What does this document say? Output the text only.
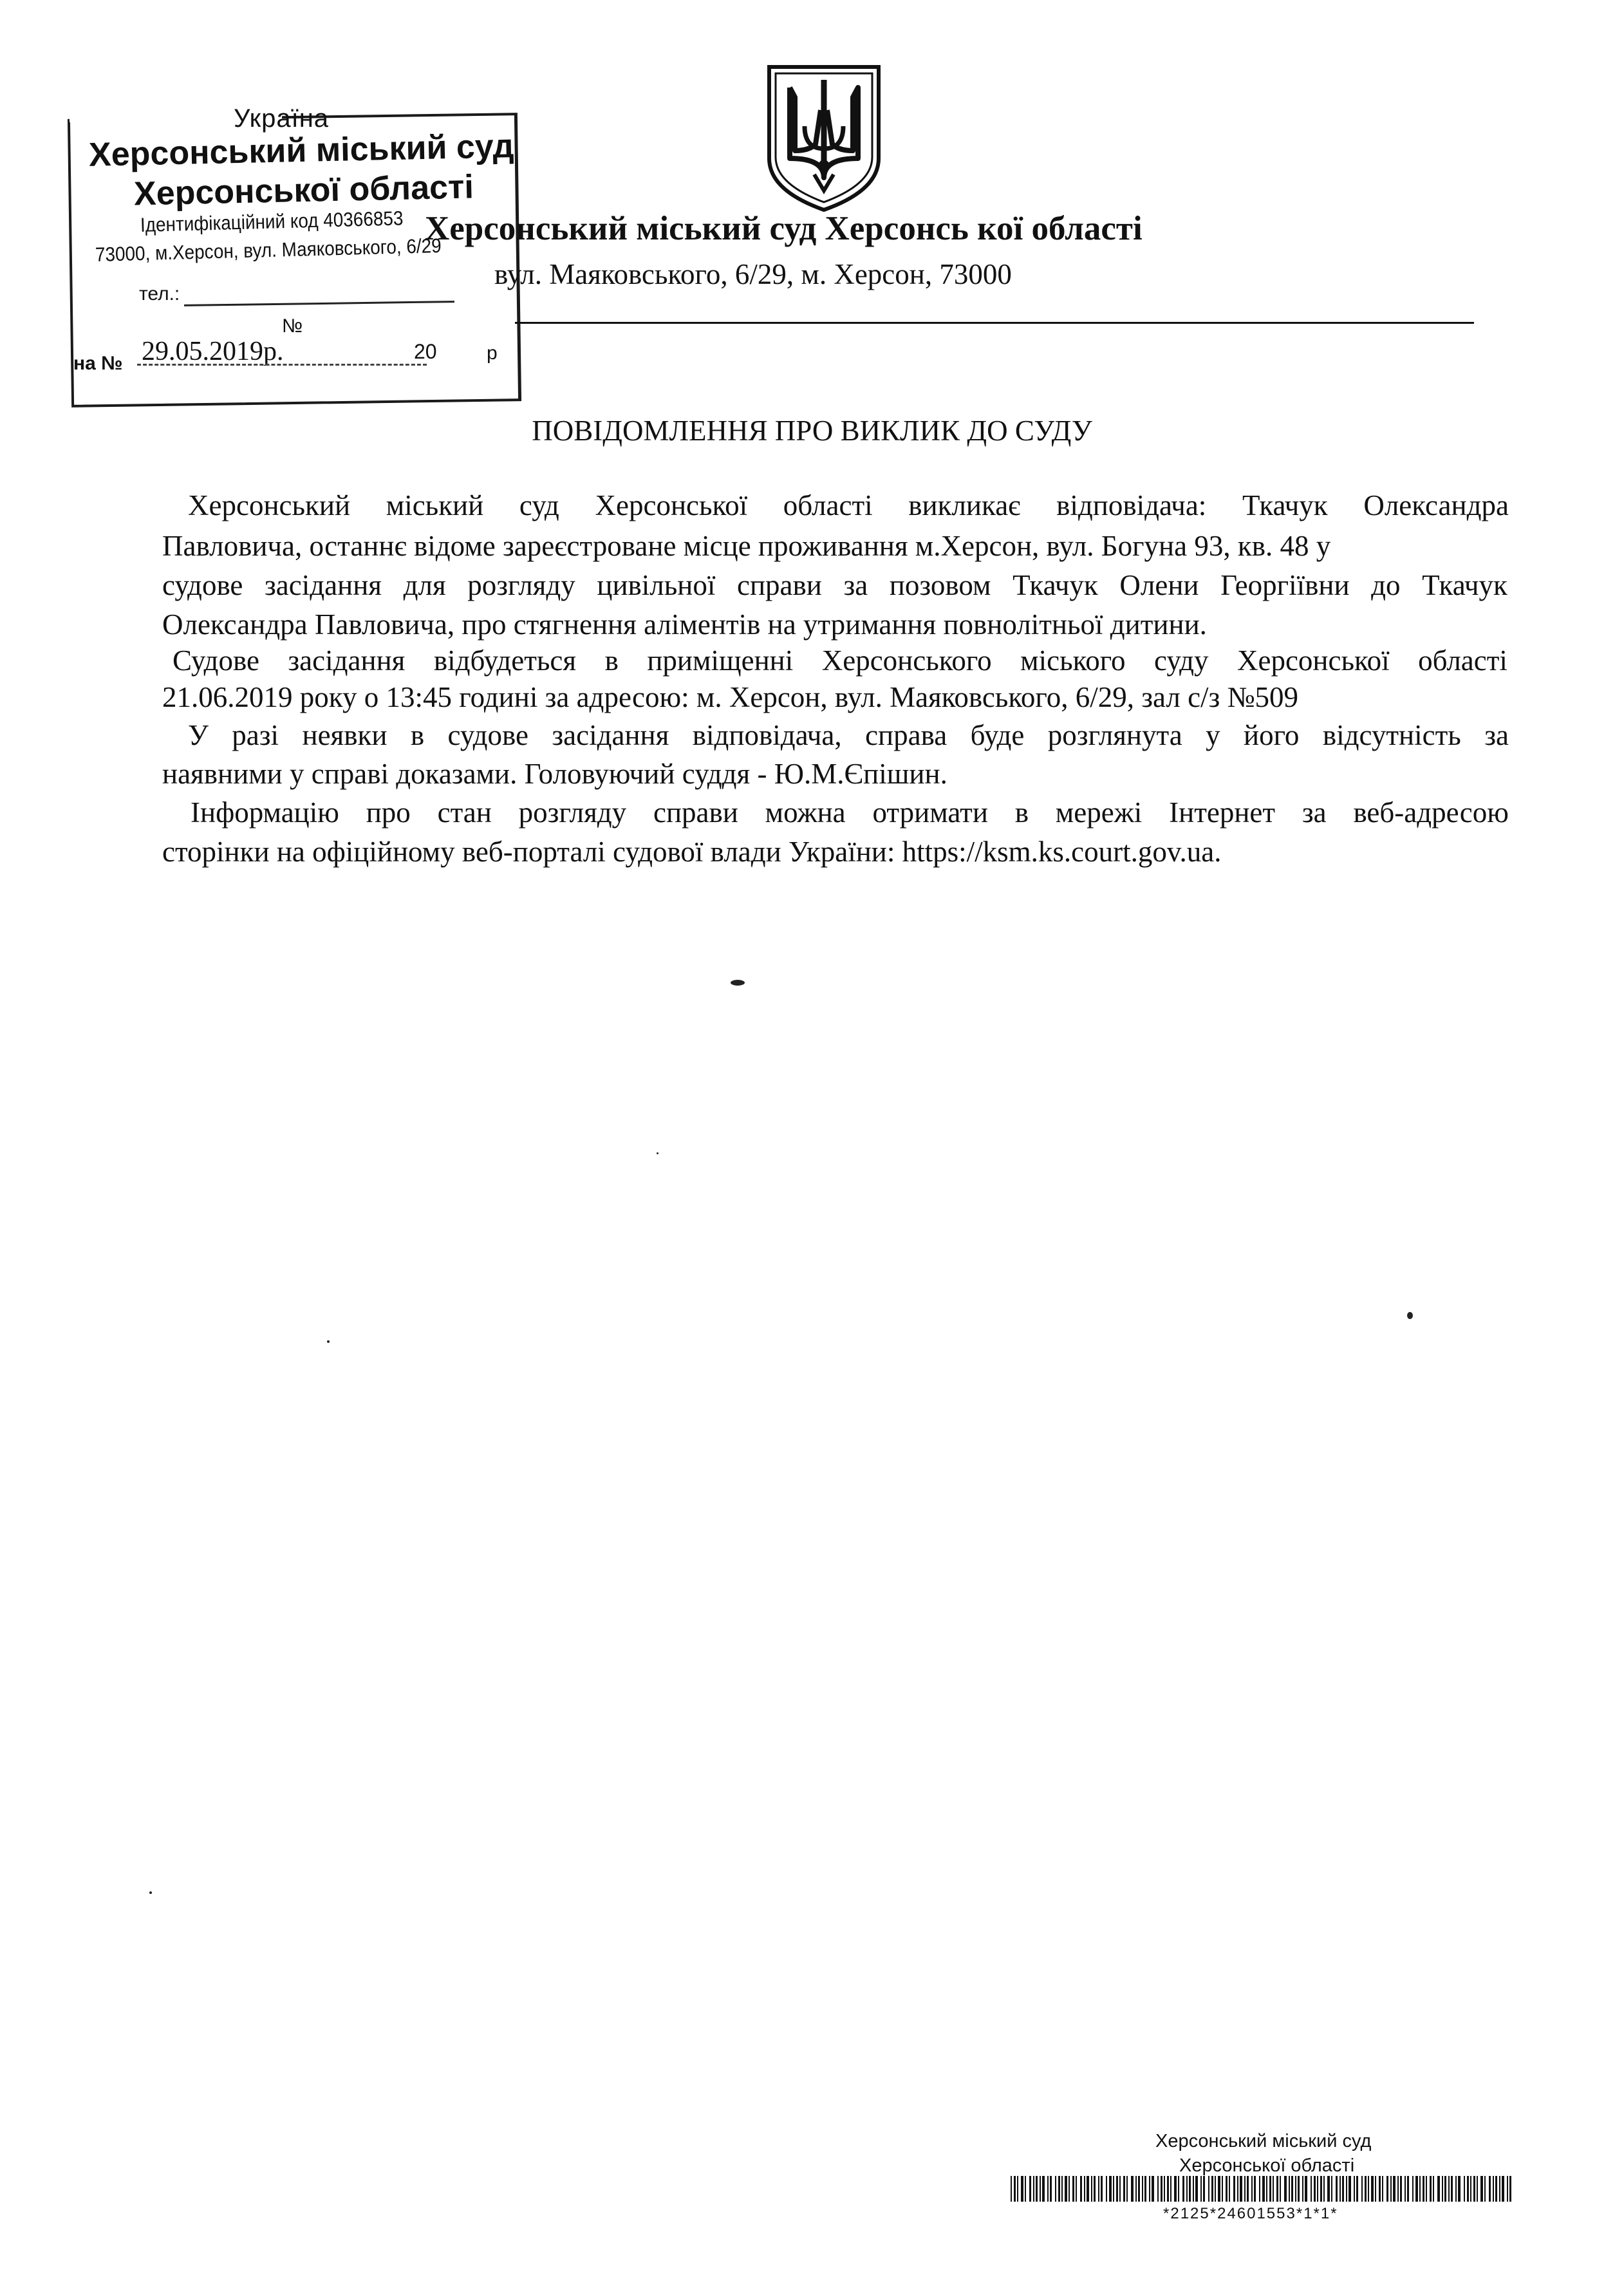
Україна
Херсонський міський суд
Херсонської області
Ідентифікаційний код 40366853
73000, м.Херсон, вул. Маяковського, 6/29
тел.:
№
29.05.2019р.
на №
20	р
Херсонський міський суд Херсонсь кої області
вул. Маяковського, 6/29, м. Херсон, 73000
ПОВІДОМЛЕННЯ ПРО ВИКЛИК ДО СУДУ
Херсонський міський суд Херсонської області викликає відповідача: Ткачук Олександра
Павловича, останнє відоме зареєстроване місце проживання м.Херсон, вул. Богуна 93, кв. 48 у
судове засідання для розгляду цивільної справи за позовом Ткачук Олени Георгіївни до Ткачук
Олександра Павловича, про стягнення аліментів на утримання повнолітньої дитини.
Судове засідання відбудеться в приміщенні Херсонського міського суду Херсонської області
21.06.2019 року о 13:45 годині за адресою: м. Херсон, вул. Маяковського, 6/29, зал с/з №509
У разі неявки в судове засідання відповідача, справа буде розглянута у його відсутність за
наявними у справі доказами. Головуючий суддя - Ю.М.Єпішин.
Інформацію про стан розгляду справи можна отримати в мережі Інтернет за веб-адресою
сторінки на офіційному веб-порталі судової влади України: https://ksm.ks.court.gov.ua.
Херсонський міський суд
Херсонської області
*2125*24601553*1*1*
